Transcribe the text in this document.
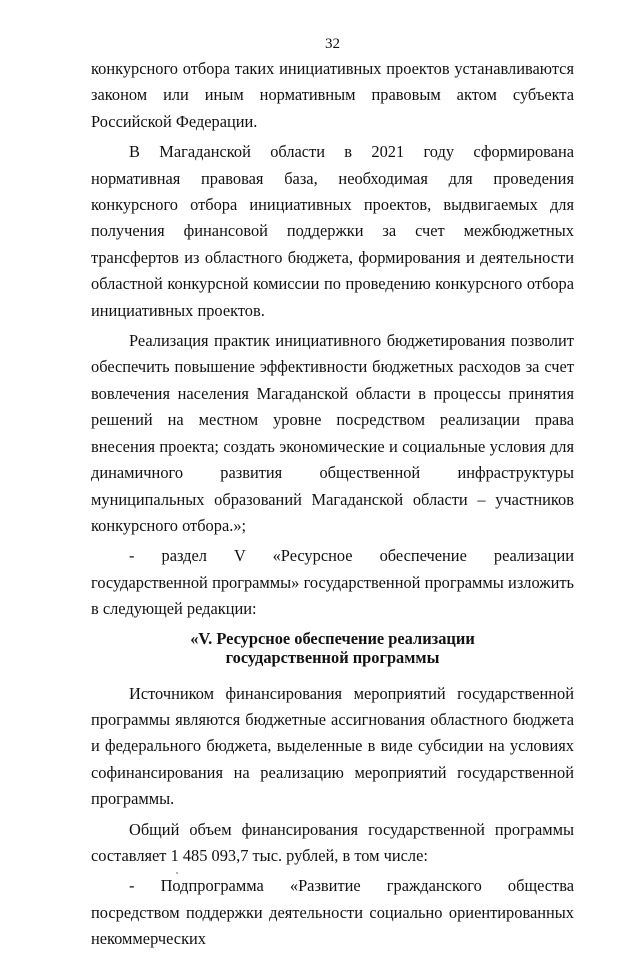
32

конкурсного отбора таких инициативных проектов устанавливаются законом или иным нормативным правовым актом субъекта Российской Федерации.

В Магаданской области в 2021 году сформирована нормативная правовая база, необходимая для проведения конкурсного отбора инициативных проектов, выдвигаемых для получения финансовой поддержки за счет межбюджетных трансфертов из областного бюджета, формирования и деятельности областной конкурсной комиссии по проведению конкурсного отбора инициативных проектов.

Реализация практик инициативного бюджетирования позволит обеспечить повышение эффективности бюджетных расходов за счет вовлечения населения Магаданской области в процессы принятия решений на местном уровне посредством реализации права внесения проекта; создать экономические и социальные условия для динамичного развития общественной инфраструктуры муниципальных образований Магаданской области – участников конкурсного отбора.»;

- раздел V «Ресурсное обеспечение реализации государственной программы» государственной программы изложить в следующей редакции:

«V. Ресурсное обеспечение реализации
государственной программы

Источником финансирования мероприятий государственной программы являются бюджетные ассигнования областного бюджета и федерального бюджета, выделенные в виде субсидии на условиях софинансирования на реализацию мероприятий государственной программы.

Общий объем финансирования государственной программы составляет 1 485 093,7 тыс. рублей, в том числе:

- Подпрограмма «Развитие гражданского общества посредством поддержки деятельности социально ориентированных некоммерческих
